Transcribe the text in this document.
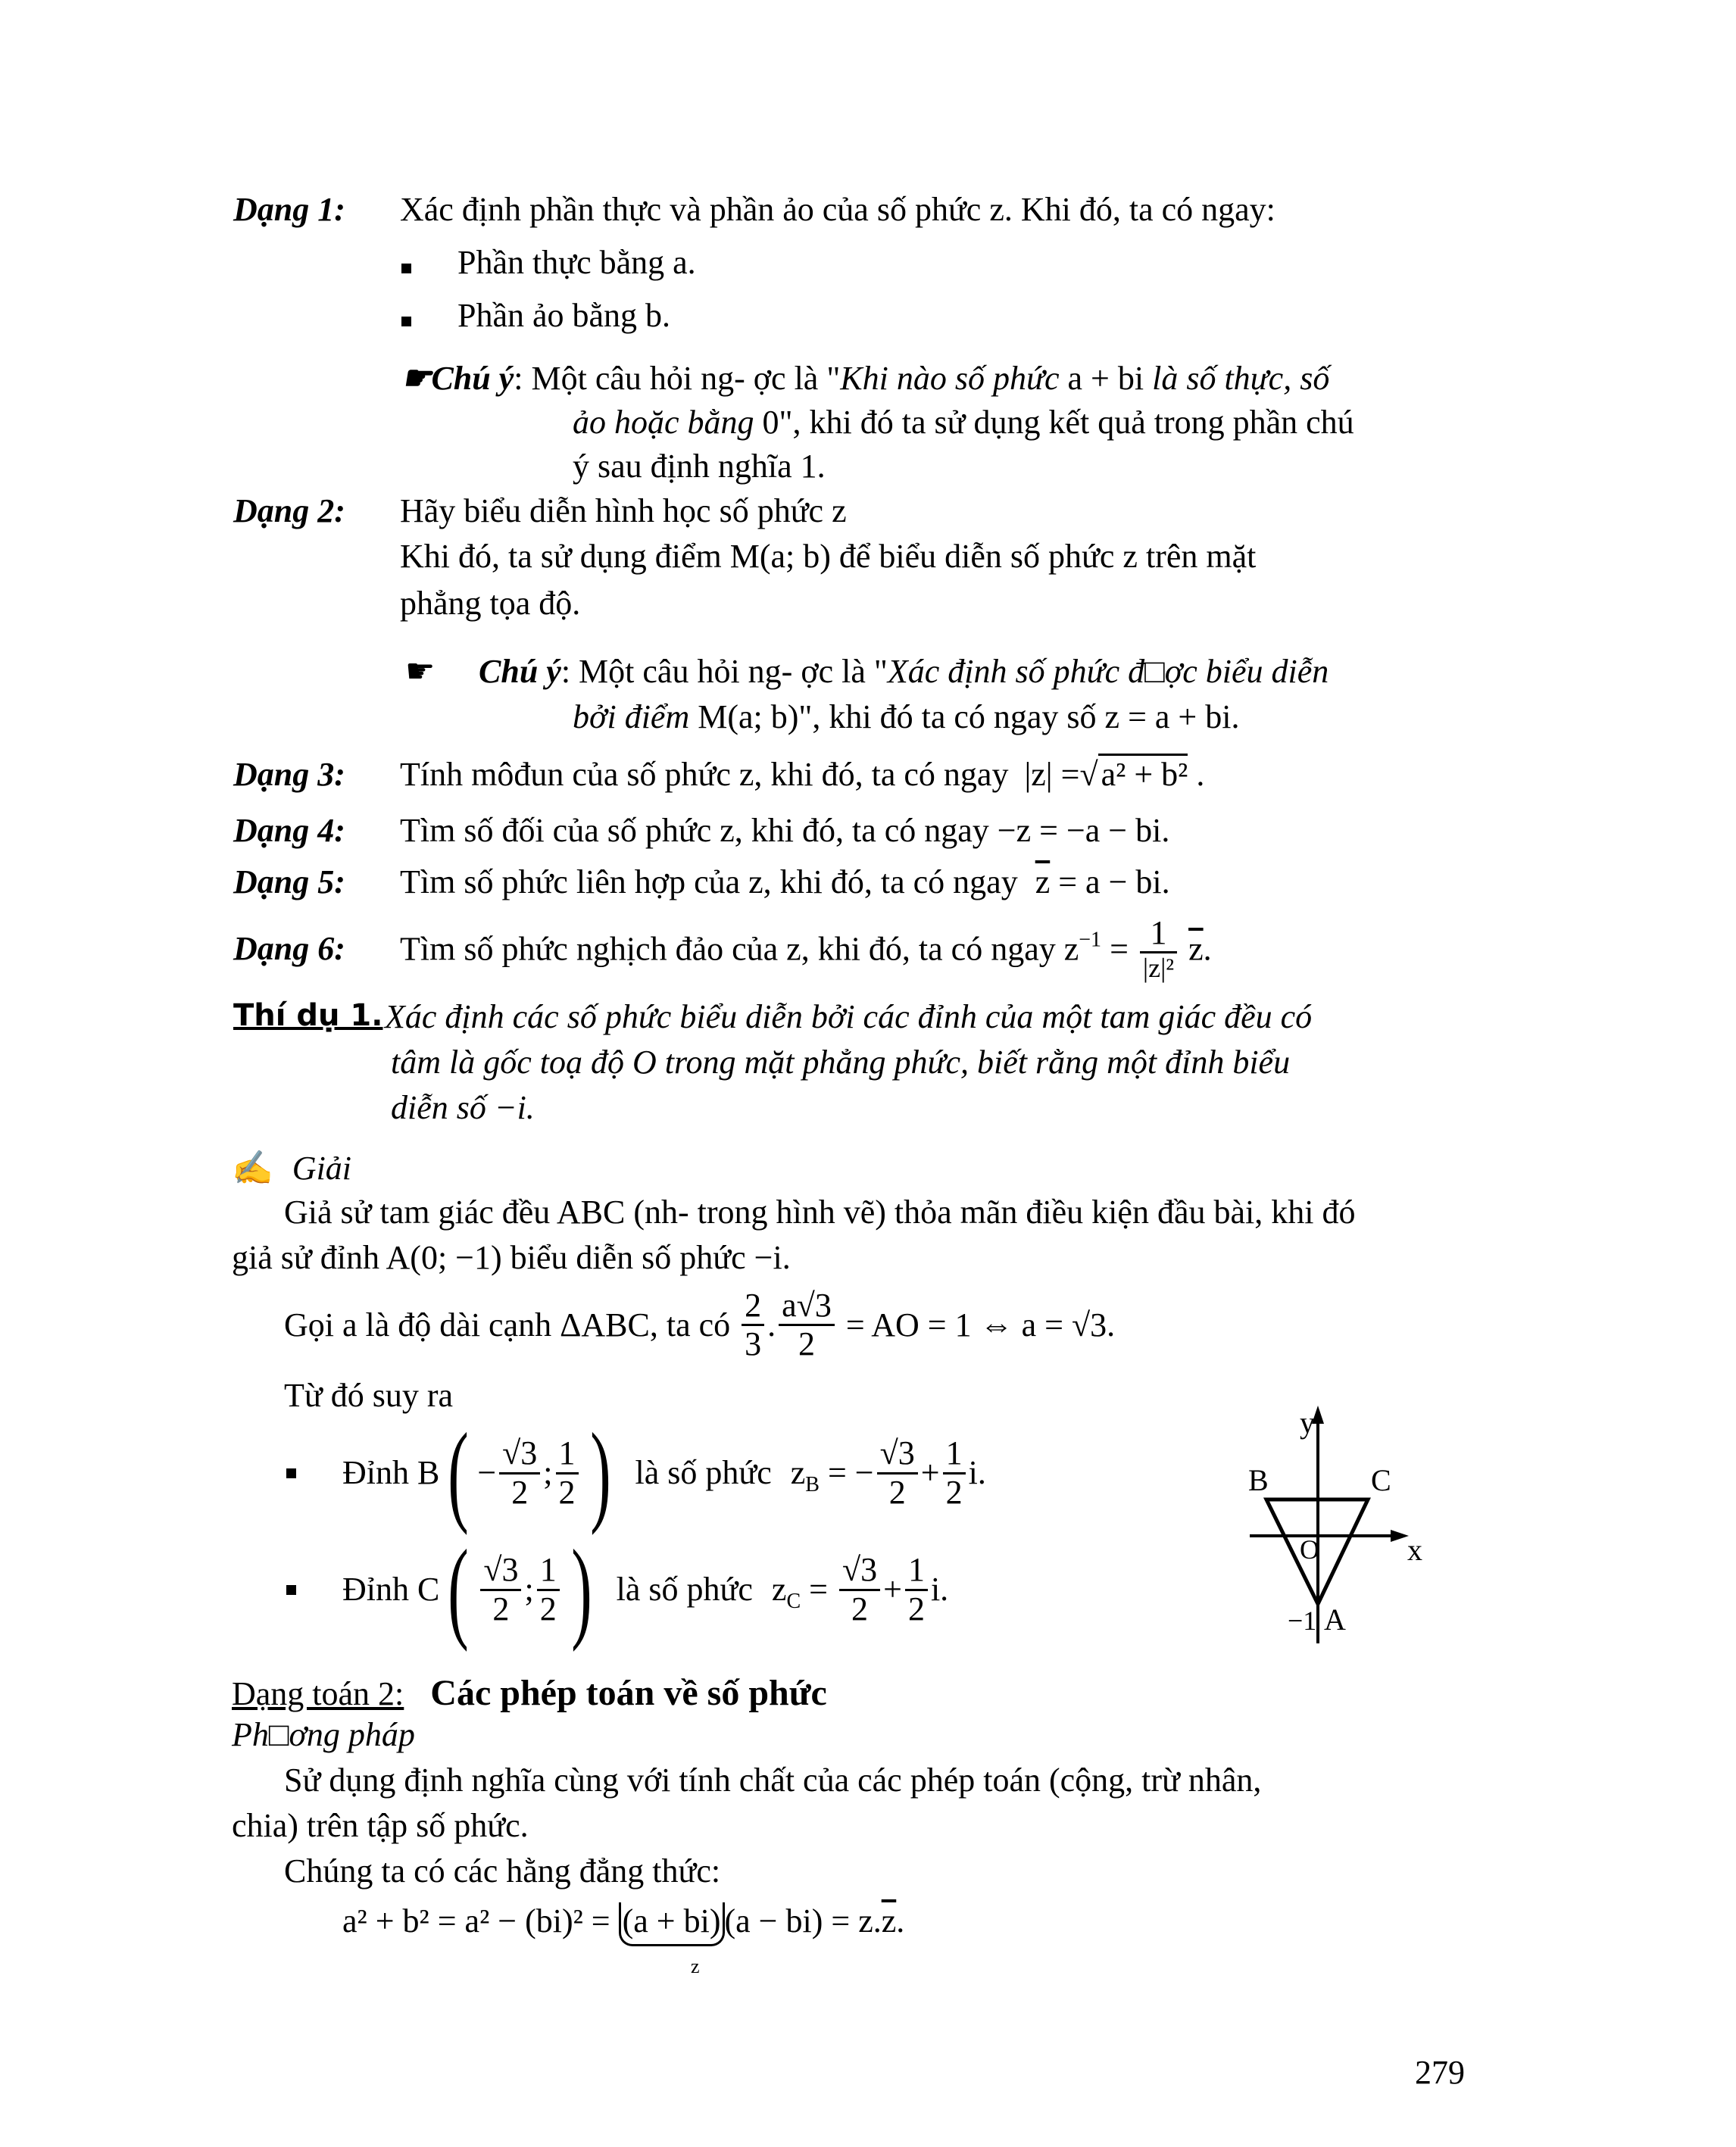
Dạng 1: Xác định phần thực và phần ảo của số phức z. Khi đó, ta có ngay:
Phần thực bằng a.
Phần ảo bằng b.
☛Chú ý: Một câu hỏi ng- ợc là "Khi nào số phức a + bi là số thực, số
ảo hoặc bằng 0", khi đó ta sử dụng kết quả trong phần chú
ý sau định nghĩa 1.
Dạng 2: Hãy biểu diễn hình học số phức z
Khi đó, ta sử dụng điểm M(a; b) để biểu diễn số phức z trên mặt
phẳng tọa độ.
☛ Chú ý: Một câu hỏi ng- ợc là "Xác định số phức đ□ợc biểu diễn
bởi điểm M(a; b)", khi đó ta có ngay số z = a + bi.
Dạng 3: Tính môđun của số phức z, khi đó, ta có ngay |z| =√a² + b² .
Dạng 4: Tìm số đối của số phức z, khi đó, ta có ngay −z = −a − bi.
Dạng 5: Tìm số phức liên hợp của z, khi đó, ta có ngay $\overline{z} = a$ − bi.
Dạng 6: Tìm số phức nghịch đảo của z, khi đó, ta có ngay $z^{-1} = \frac{1}{\text{|z|²}} \overline{z}$.
Thí dụ 1. Xác định các số phức biểu diễn bởi các đỉnh của một tam giác đều có
tâm là gốc toạ độ O trong mặt phẳng phức, biết rằng một đỉnh biểu
diễn số −i.
✍ Giải
Giả sử tam giác đều ABC (nh- trong hình vẽ) thỏa mãn điều kiện đầu bài, khi đó
giả sử đỉnh A(0; −1) biểu diễn số phức −i.
Gọi a là độ dài cạnh ΔABC, ta có $\frac{2}{3}$ . $\frac{a√3}{2}$ = AO = 1 ⇔ a = √3.
Từ đó suy ra
Đỉnh $B( - \frac{√3}{2}$ ; $\frac{1}{2}$ ) là số phức $z_B$ = − $\frac{√3}{2} + \frac{1}{2} i$.
Đỉnh $C( \frac{√3}{2}$ ; $\frac{1}{2}$ ) là số phức $z_C = \frac{√3}{2} + \frac{1}{2} i$.
y
x
B	C
O
−1 A
Dạng toán 2: Các phép toán về số phức
Ph□ơng pháp
Sử dụng định nghĩa cùng với tính chất của các phép toán (cộng, trừ nhân,
chia) trên tập số phức.
Chúng ta có các hằng đẳng thức:
a² + b² = a² − (bi)² = (a + bi) $(a - bi) = z.\overline{z}$.
z
279
